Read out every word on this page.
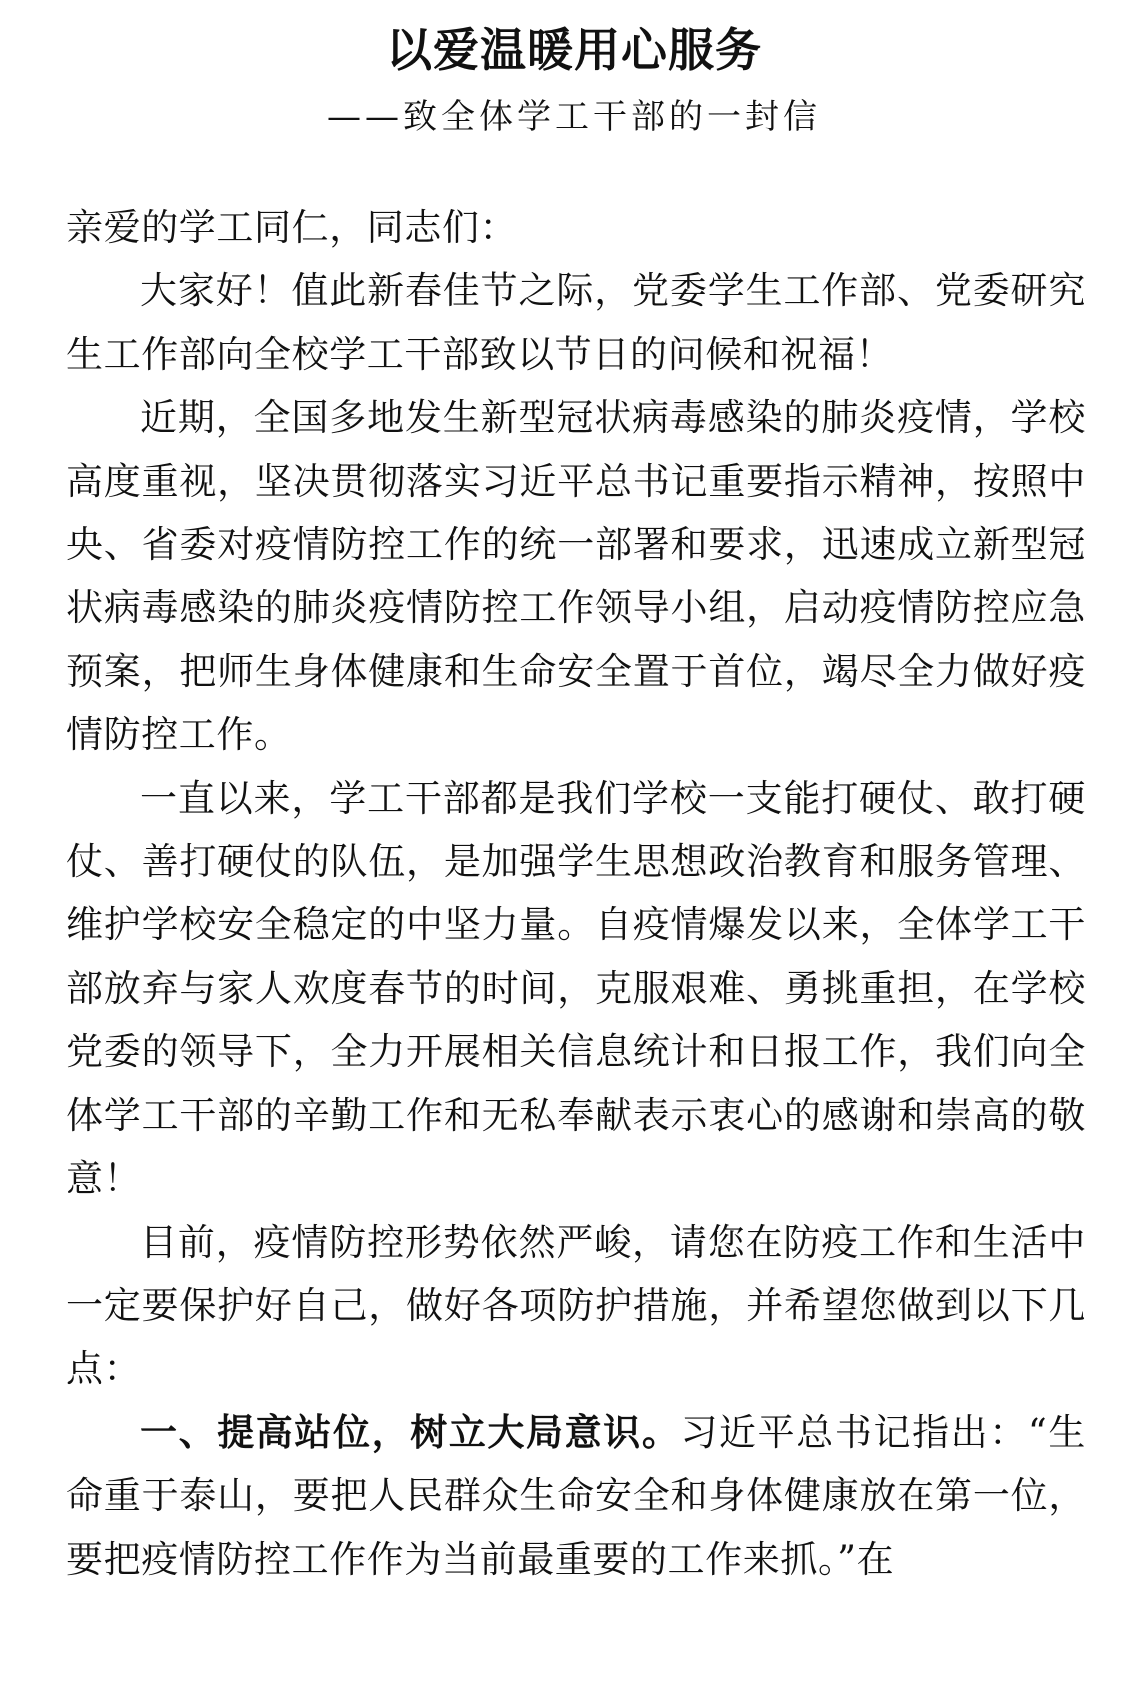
以爱温暖用心服务
——致全体学工干部的一封信

亲爱的学工同仁，同志们：

大家好！值此新春佳节之际，党委学生工作部、党委研究生工作部向全校学工干部致以节日的问候和祝福！

近期，全国多地发生新型冠状病毒感染的肺炎疫情，学校高度重视，坚决贯彻落实习近平总书记重要指示精神，按照中央、省委对疫情防控工作的统一部署和要求，迅速成立新型冠状病毒感染的肺炎疫情防控工作领导小组，启动疫情防控应急预案，把师生身体健康和生命安全置于首位，竭尽全力做好疫情防控工作。

一直以来，学工干部都是我们学校一支能打硬仗、敢打硬仗、善打硬仗的队伍，是加强学生思想政治教育和服务管理、维护学校安全稳定的中坚力量。自疫情爆发以来，全体学工干部放弃与家人欢度春节的时间，克服艰难、勇挑重担，在学校党委的领导下，全力开展相关信息统计和日报工作，我们向全体学工干部的辛勤工作和无私奉献表示衷心的感谢和崇高的敬意！

目前，疫情防控形势依然严峻，请您在防疫工作和生活中一定要保护好自己，做好各项防护措施，并希望您做到以下几点：

一、提高站位，树立大局意识。习近平总书记指出：“生命重于泰山，要把人民群众生命安全和身体健康放在第一位，要把疫情防控工作作为当前最重要的工作来抓。”在
